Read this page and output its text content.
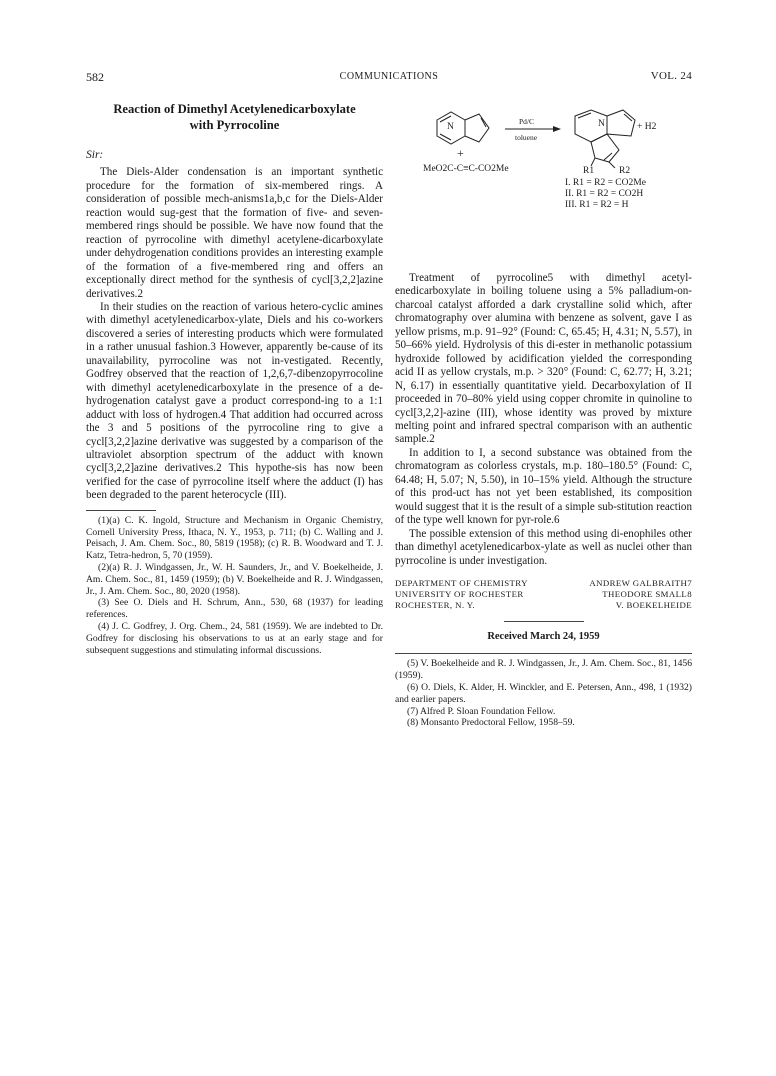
582	COMMUNICATIONS	VOL. 24
Reaction of Dimethyl Acetylenedicarboxylate
with Pyrrocoline
Sir:

The Diels-Alder condensation is an important synthetic procedure for the formation of six-membered rings. A consideration of possible mech-anisms1a,b,c for the Diels-Alder reaction would sug-gest that the formation of five- and seven-membered rings should be possible. We have now found that the reaction of pyrrocoline with dimethyl acetylene-dicarboxylate under dehydrogenation conditions provides an interesting example of the formation of a five-membered ring and offers an exceptionally direct method for the synthesis of cycl[3,2,2]azine derivatives.2

In their studies on the reaction of various hetero-cyclic amines with dimethyl acetylenedicarbox-ylate, Diels and his co-workers discovered a series of interesting products which were formulated in a rather unusual fashion.3 However, apparently be-cause of its unavailability, pyrrocoline was not in-vestigated. Recently, Godfrey observed that the reaction of 1,2,6,7-dibenzopyrrocoline with dimethyl acetylenedicarboxylate in the presence of a de-hydrogenation catalyst gave a product correspond-ing to a 1:1 adduct with loss of hydrogen.4 That addition had occurred across the 3 and 5 positions of the pyrrocoline ring to give a cycl[3,2,2]azine derivative was suggested by a comparison of the ultraviolet absorption spectrum of the adduct with known cycl[3,2,2]azine derivatives.2 This hypothe-sis has now been verified for the case of pyrrocoline itself where the adduct (I) has been degraded to the parent heterocycle (III).

(1)(a) C. K. Ingold, Structure and Mechanism in Organic Chemistry, Cornell University Press, Ithaca, N. Y., 1953, p. 711; (b) C. Walling and J. Peisach, J. Am. Chem. Soc., 80, 5819 (1958); (c) R. B. Woodward and T. J. Katz, Tetra-hedron, 5, 70 (1959).

(2)(a) R. J. Windgassen, Jr., W. H. Saunders, Jr., and V. Boekelheide, J. Am. Chem. Soc., 81, 1459 (1959); (b) V. Boekelheide and R. J. Windgassen, Jr., J. Am. Chem. Soc., 80, 2020 (1958).

(3) See O. Diels and H. Schrum, Ann., 530, 68 (1937) for leading references.

(4) J. C. Godfrey, J. Org. Chem., 24, 581 (1959). We are indebted to Dr. Godfrey for disclosing his observations to us at an early stage and for subsequent suggestions and stimulating informal discussions.

N	N
Pd/C
toluene
+ H2
+
MeO2C-C≡C-CO2Me	R1	R2
I. R1 = R2 = CO2Me
II. R1 = R2 = CO2H
III. R1 = R2 = H

Treatment of pyrrocoline5 with dimethyl acetyl-enedicarboxylate in boiling toluene using a 5% palladium-on-charcoal catalyst afforded a dark crystalline solid which, after chromatography over alumina with benzene as solvent, gave I as yellow prisms, m.p. 91–92° (Found: C, 65.45; H, 4.31; N, 5.57), in 50–66% yield. Hydrolysis of this di-ester in methanolic potassium hydroxide followed by acidification yielded the corresponding acid II as yellow crystals, m.p. > 320° (Found: C, 62.77; H, 3.21; N, 6.17) in essentially quantitative yield. Decarboxylation of II proceeded in 70–80% yield using copper chromite in quinoline to cycl[3,2,2]-azine (III), whose identity was proved by mixture melting point and infrared spectral comparison with an authentic sample.2

In addition to I, a second substance was obtained from the chromatogram as colorless crystals, m.p. 180–180.5° (Found: C, 64.48; H, 5.07; N, 5.50), in 10–15% yield. Although the structure of this prod-uct has not yet been established, its composition would suggest that it is the result of a simple sub-stitution reaction of the type well known for pyr-role.6

The possible extension of this method using di-enophiles other than dimethyl acetylenedicarbox-ylate as well as nuclei other than pyrrocoline is under investigation.

DEPARTMENT OF CHEMISTRY
UNIVERSITY OF ROCHESTER
ROCHESTER, N. Y.
ANDREW GALBRAITH7
THEODORE SMALL8
V. BOEKELHEIDE
Received March 24, 1959

(5) V. Boekelheide and R. J. Windgassen, Jr., J. Am. Chem. Soc., 81, 1456 (1959).

(6) O. Diels, K. Alder, H. Winckler, and E. Petersen, Ann., 498, 1 (1932) and earlier papers.

(7) Alfred P. Sloan Foundation Fellow.

(8) Monsanto Predoctoral Fellow, 1958–59.
